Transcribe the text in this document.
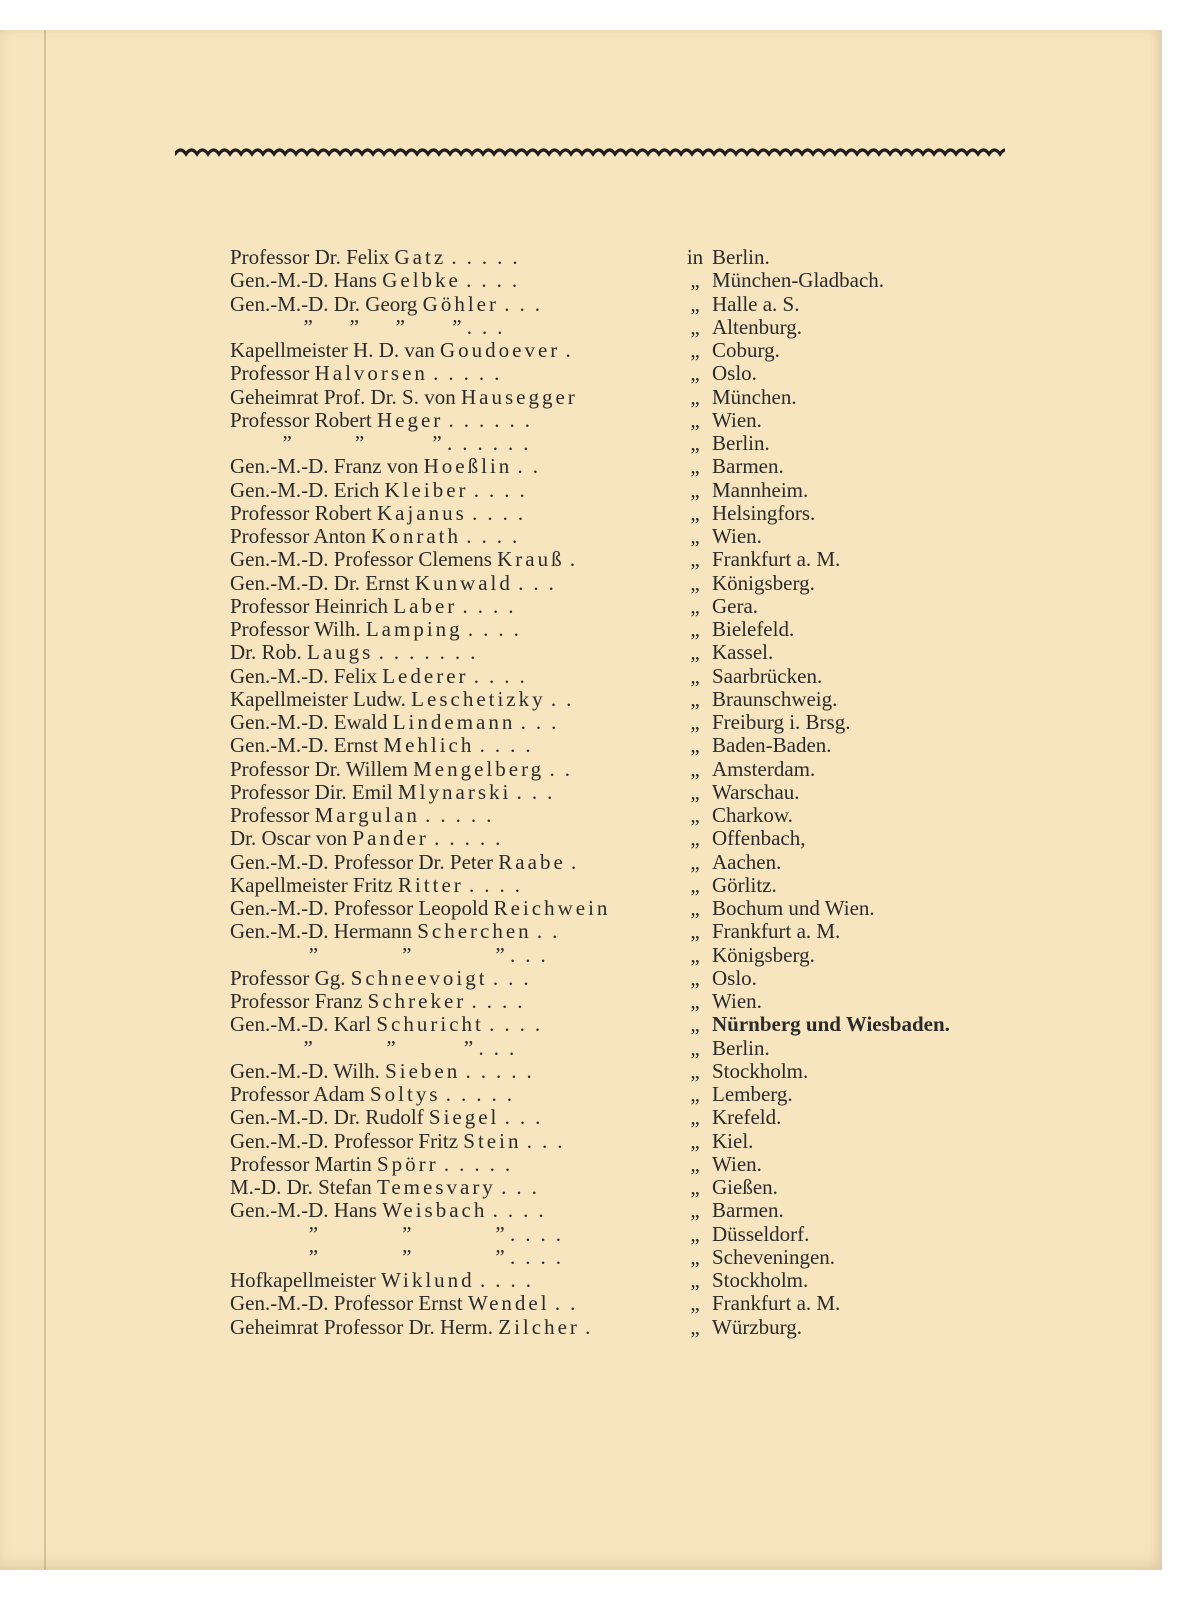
Professor Dr. Felix Gatz .....	in Berlin.
Gen.-M.-D. Hans Gelbke ....	„ München-Gladbach.
Gen.-M.-D. Dr. Georg Göhler ...	„ Halle a. S.
”       ”       ”         ” ...	„ Altenburg.
Kapellmeister H. D. van Goudoever .	„ Coburg.
Professor Halvorsen .....	„ Oslo.
Geheimrat Prof. Dr. S. von Hausegger	„ München.
Professor Robert Heger ......	„ Wien.
”            ”             ” ......	„ Berlin.
Gen.-M.-D. Franz von Hoeßlin ..	„ Barmen.
Gen.-M.-D. Erich Kleiber ....	„ Mannheim.
Professor Robert Kajanus ....	„ Helsingfors.
Professor Anton Konrath ....	„ Wien.
Gen.-M.-D. Professor Clemens Krauß .	„ Frankfurt a. M.
Gen.-M.-D. Dr. Ernst Kunwald ...	„ Königsberg.
Professor Heinrich Laber ....	„ Gera.
Professor Wilh. Lamping ....	„ Bielefeld.
Dr. Rob. Laugs .......	„ Kassel.
Gen.-M.-D. Felix Lederer ....	„ Saarbrücken.
Kapellmeister Ludw. Leschetizky ..	„ Braunschweig.
Gen.-M.-D. Ewald Lindemann ...	„ Freiburg i. Brsg.
Gen.-M.-D. Ernst Mehlich ....	„ Baden-Baden.
Professor Dr. Willem Mengelberg ..	„ Amsterdam.
Professor Dir. Emil Mlynarski ...	„ Warschau.
Professor Margulan .....	„ Charkow.
Dr. Oscar von Pander .....	„ Offenbach,
Gen.-M.-D. Professor Dr. Peter Raabe .	„ Aachen.
Kapellmeister Fritz Ritter ....	„ Görlitz.
Gen.-M.-D. Professor Leopold Reichwein	„ Bochum und Wien.
Gen.-M.-D. Hermann Scherchen ..	„ Frankfurt a. M.
”                ”                ” ...	„ Königsberg.
Professor Gg. Schneevoigt ...	„ Oslo.
Professor Franz Schreker ....	„ Wien.
Gen.-M.-D. Karl Schuricht ....	„ Nürnberg und Wiesbaden.
”              ”             ” ...	„ Berlin.
Gen.-M.-D. Wilh. Sieben .....	„ Stockholm.
Professor Adam Soltys .....	„ Lemberg.
Gen.-M.-D. Dr. Rudolf Siegel ...	„ Krefeld.
Gen.-M.-D. Professor Fritz Stein ...	„ Kiel.
Professor Martin Spörr .....	„ Wien.
M.-D. Dr. Stefan Temesvary ...	„ Gießen.
Gen.-M.-D. Hans Weisbach ....	„ Barmen.
”                ”                ” ....	„ Düsseldorf.
”                ”                ” ....	„ Scheveningen.
Hofkapellmeister Wiklund ....	„ Stockholm.
Gen.-M.-D. Professor Ernst Wendel ..	„ Frankfurt a. M.
Geheimrat Professor Dr. Herm. Zilcher .	„ Würzburg.
